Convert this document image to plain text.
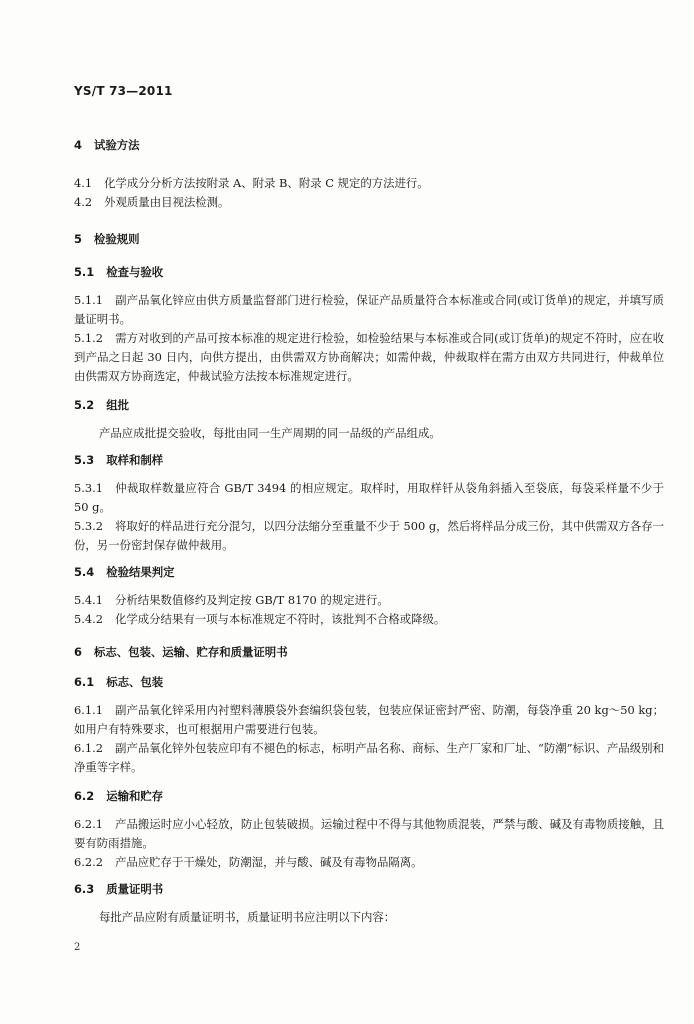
YS/T 73—2011
4 试验方法

4.1 化学成分分析方法按附录 A、附录 B、附录 C 规定的方法进行。

4.2 外观质量由目视法检测。

5 检验规则
5.1 检查与验收

5.1.1 副产品氧化锌应由供方质量监督部门进行检验，保证产品质量符合本标准或合同(或订货单)的规定，并填写质量证明书。

5.1.2 需方对收到的产品可按本标准的规定进行检验，如检验结果与本标准或合同(或订货单)的规定不符时，应在收到产品之日起 30 日内，向供方提出，由供需双方协商解决；如需仲裁，仲裁取样在需方由双方共同进行，仲裁单位由供需双方协商选定，仲裁试验方法按本标准规定进行。

5.2 组批

产品应成批提交验收，每批由同一生产周期的同一品级的产品组成。

5.3 取样和制样

5.3.1 仲裁取样数量应符合 GB/T 3494 的相应规定。取样时，用取样钎从袋角斜插入至袋底，每袋采样量不少于 50 g。

5.3.2 将取好的样品进行充分混匀，以四分法缩分至重量不少于 500 g，然后将样品分成三份，其中供需双方各存一份，另一份密封保存做仲裁用。

5.4 检验结果判定

5.4.1 分析结果数值修约及判定按 GB/T 8170 的规定进行。

5.4.2 化学成分结果有一项与本标准规定不符时，该批判不合格或降级。

6 标志、包装、运输、贮存和质量证明书
6.1 标志、包装

6.1.1 副产品氧化锌采用内衬塑料薄膜袋外套编织袋包装，包装应保证密封严密、防潮，每袋净重 20 kg～50 kg；如用户有特殊要求，也可根据用户需要进行包装。

6.1.2 副产品氧化锌外包装应印有不褪色的标志，标明产品名称、商标、生产厂家和厂址、“防潮”标识、产品级别和净重等字样。

6.2 运输和贮存

6.2.1 产品搬运时应小心轻放，防止包装破损。运输过程中不得与其他物质混装，严禁与酸、碱及有毒物质接触，且要有防雨措施。

6.2.2 产品应贮存于干燥处，防潮湿，并与酸、碱及有毒物品隔离。

6.3 质量证明书

每批产品应附有质量证明书，质量证明书应注明以下内容：

2
